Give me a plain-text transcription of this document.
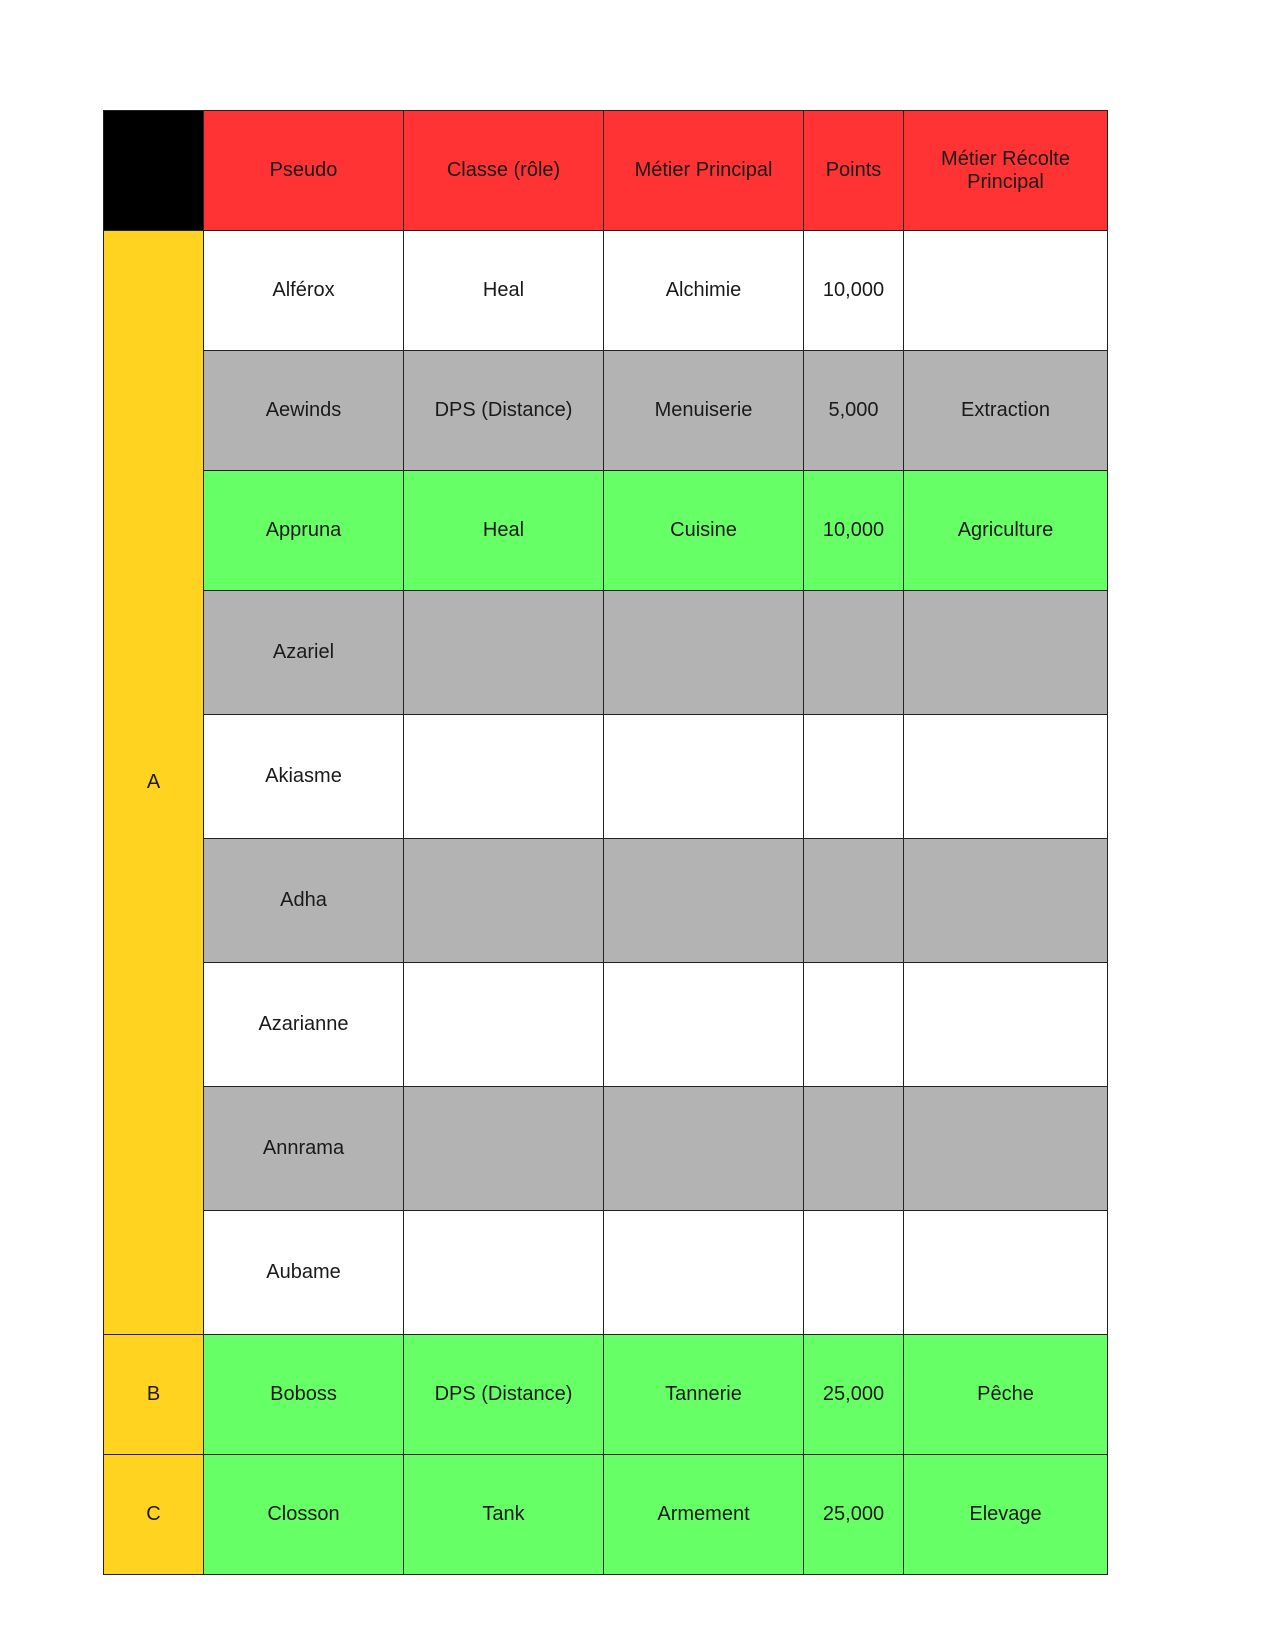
	Pseudo	Classe (rôle)	Métier Principal	Points	Métier Récolte Principal
A	Alférox	Heal	Alchimie	10,000	
	Aewinds	DPS (Distance)	Menuiserie	5,000	Extraction
	Appruna	Heal	Cuisine	10,000	Agriculture
	Azariel				
	Akiasme				
	Adha				
	Azarianne				
	Annrama				
	Aubame				
B	Boboss	DPS (Distance)	Tannerie	25,000	Pêche
C	Closson	Tank	Armement	25,000	Elevage
